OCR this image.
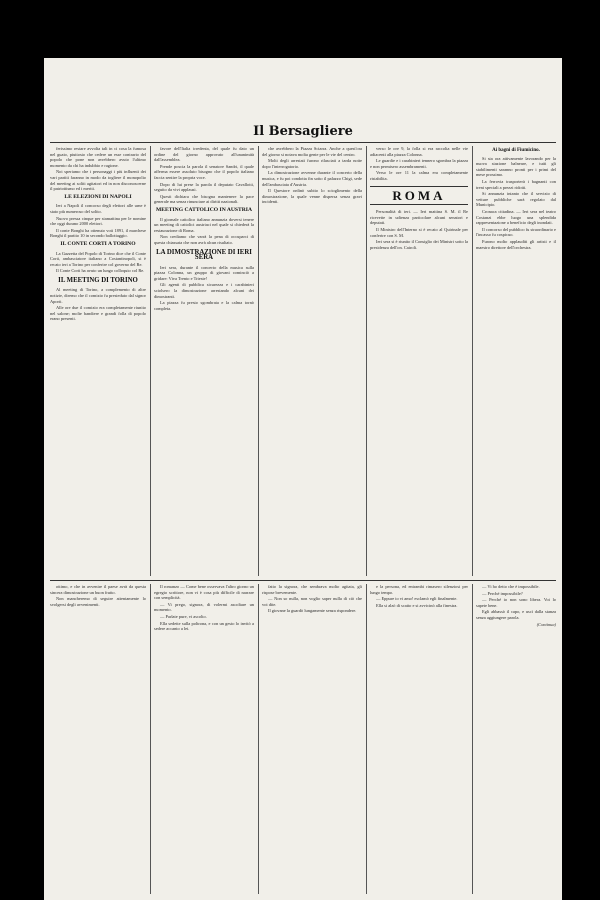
Il Bersagliere

ferissimo restare avvolta tali in ci cosa la fumosa nel guaio, piuttosto che cedere un esse contrario del popolo che pone non avrebbero avuto l'ultimo momento da chi ha indubbio e ragione.

Noi speriamo che i personaggi i più influenti dei vari partiti faranno in modo da togliere il monopolio del meeting ai soliti agitatori ed in non disconoscerne il patriottismo ed i meriti.

LE ELEZIONI DI NAPOLI

Ieri a Napoli il concorso degli elettori alle urne è stato più numeroso del solito.

Nuovo pressa cinque per stamattina per le nomine che oggi durano 2000 elettori.

Il conte Bonghi ha ottenuto voti 1891, il marchese Bonghi il partito 10 in secondo ballottaggio.

IL CONTE CORTI A TORINO

La Gazzetta del Popolo di Torino dice che il Conte Corti, ambasciatore italiano a Costantinopoli, si è recato ieri a Torino per conferire col governo del Re.

Il Conte Corti ha avuto un lungo colloquio col Re.

IL MEETING DI TORINO

Al meeting di Torino, a complemento di altre notizie, diremo che il comizio fu presieduto dal signor Aporti.

Alle ore due il comizio era completamente riunito nel salone; molte bandiere e grandi folla di popolo erano presenti.

favore dell'Italia irredenta, del quale fu dato un ordine del giorno approvato all'unanimità dall'assemblea.

Prende poscia la parola il senatore Sandri, il quale afferma essere assoluto bisogno che il popolo italiano faccia sentire la propria voce.

Dopo di lui prese la parola il deputato Cavallotti, seguito da vivi applausi.

Questi dichiara che bisogna mantenere la pace generale ma senza rinunciare ai diritti nazionali.

MEETING CATTOLICO IN AUSTRIA

Il giornale cattolico italiano annunzia doversi tenere un meeting di cattolici austriaci nel quale si chiederà la restaurazione di Roma.

Non crediamo che varrà la pena di occuparci di questa chiassata che non avrà alcun risultato.

LA DIMOSTRAZIONE DI IERI SERA

Ieri sera, durante il concerto della musica sulla piazza Colonna, un gruppo di giovani cominciò a gridare: Viva Trento e Trieste!

Gli agenti di pubblica sicurezza e i carabinieri sciolsero la dimostrazione arrestando alcuni dei dimostranti.

La piazza fu presto sgombrata e la calma tornò completa.

che avrebbero la Piazza Sciarra. Anche a quest'ora del giorno si notava molta gente per le vie del centro.

Molti degli arrestati furono rilasciati a tarda notte dopo l'interrogatorio.

La dimostrazione avvenne durante il concerto della musica, e fu poi condotta fin sotto il palazzo Chigi, sede dell'ambasciata d'Austria.

Il Questore ordinò subito lo scioglimento della dimostrazione, la quale venne dispersa senza gravi incidenti.

verso le ore 9, la folla si era raccolta nelle vie adiacenti alla piazza Colonna.

Le guardie e i carabinieri tennero sgombra la piazza e non permisero assembramenti.

Verso le ore 11 la calma era completamente ristabilita.

ROMA

Personalità di ieri. — Ieri mattina S. M. il Re ricevette in udienza particolare alcuni senatori e deputati.

Il Ministro dell'Interno si è recato al Quirinale per conferire con S. M.

Ieri sera si è riunito il Consiglio dei Ministri sotto la presidenza dell'on. Cairoli.

Ai bagni di Fiumicino.

Si sta ora attivamente lavorando per la nuova stazione balneare, e tutti gli stabilimenti saranno pronti per i primi del mese prossimo.

La ferrovia trasporterà i bagnanti con treni speciali a prezzi ridotti.

Si annunzia intanto che il servizio di vetture pubbliche sarà regolato dal Municipio.

Cronaca cittadina. — Ieri sera nel teatro Costanzi ebbe luogo una splendida rappresentazione a beneficio degli inondati.

Il concorso del pubblico fu straordinario e l'incasso fu cospicuo.

Furono molto applauditi gli artisti e il maestro direttore dell'orchestra.

ottimo, e che in avvenire il paese avrà da questa sincera dimostrazione un buon frutto.

Non mancheremo di seguire attentamente lo svolgersi degli avvenimenti.

Il romanzo — Come bene osservava l'altro giorno un egregio scrittore, non vi è cosa più difficile di narrare con semplicità.

— Vi prego, signora, di volermi ascoltare un momento.

— Parlate pure, vi ascolto.

Ella sedette sulla poltrona, e con un gesto lo invitò a sedere accanto a lei.

fatto la signora, che sembrava molto agitata, gli rispose brevemente.

— Non so nulla, non voglio saper nulla di ciò che voi dite.

Il giovane la guardò lungamente senza rispondere.

e la persona, ed entrambi rimasero silenziosi per lungo tempo.

— Eppure io vi amo! esclamò egli finalmente.

Ella si alzò di scatto e si avvicinò alla finestra.

— Vi ho detto che è impossibile.

— Perché impossibile?

— Perché io non sono libera. Voi lo sapete bene.

Egli abbassò il capo, e uscì dalla stanza senza aggiungere parola.

(Continua)
